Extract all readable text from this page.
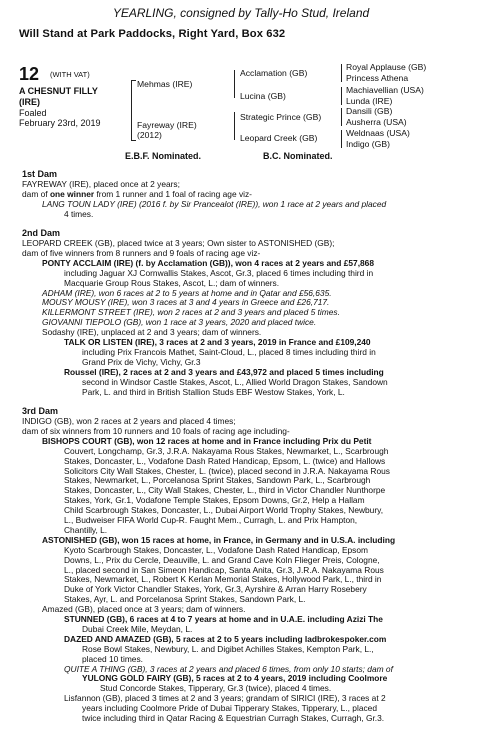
YEARLING, consigned by Tally-Ho Stud, Ireland
Will Stand at Park Paddocks, Right Yard, Box 632
12 (WITH VAT)
A CHESNUT FILLY
(IRE)
Foaled
February 23rd, 2019
Mehmas (IRE)
Fayreway (IRE)
(2012)
Acclamation (GB)
Lucina (GB)
Strategic Prince (GB)
Leopard Creek (GB)
Royal Applause (GB)
Princess Athena
Machiavellian (USA)
Lunda (IRE)
Dansili (GB)
Ausherra (USA)
Weldnaas (USA)
Indigo (GB)
E.B.F. Nominated.	B.C. Nominated.
1st Dam
FAYREWAY (IRE), placed once at 2 years;
dam of one winner from 1 runner and 1 foal of racing age viz-
LANG TOUN LADY (IRE) (2016 f. by Sir Prancealot (IRE)), won 1 race at 2 years and placed
4 times.
2nd Dam
LEOPARD CREEK (GB), placed twice at 3 years; Own sister to ASTONISHED (GB);
dam of five winners from 8 runners and 9 foals of racing age viz-
PONTY ACCLAIM (IRE) (f. by Acclamation (GB)), won 4 races at 2 years and £57,868
including Jaguar XJ Cornwallis Stakes, Ascot, Gr.3, placed 6 times including third in
Macquarie Group Rous Stakes, Ascot, L.; dam of winners.
ADHAM (IRE), won 6 races at 2 to 5 years at home and in Qatar and £56,635.
MOUSY MOUSY (IRE), won 3 races at 3 and 4 years in Greece and £26,717.
KILLERMONT STREET (IRE), won 2 races at 2 and 3 years and placed 5 times.
GIOVANNI TIEPOLO (GB), won 1 race at 3 years, 2020 and placed twice.
Sodashy (IRE), unplaced at 2 and 3 years; dam of winners.
TALK OR LISTEN (IRE), 3 races at 2 and 3 years, 2019 in France and £109,240
including Prix Francois Mathet, Saint-Cloud, L., placed 8 times including third in
Grand Prix de Vichy, Vichy, Gr.3
Roussel (IRE), 2 races at 2 and 3 years and £43,972 and placed 5 times including
second in Windsor Castle Stakes, Ascot, L., Allied World Dragon Stakes, Sandown
Park, L. and third in British Stallion Studs EBF Westow Stakes, York, L.
3rd Dam
INDIGO (GB), won 2 races at 2 years and placed 4 times;
dam of six winners from 10 runners and 10 foals of racing age including-
BISHOPS COURT (GB), won 12 races at home and in France including Prix du Petit
Couvert, Longchamp, Gr.3, J.R.A. Nakayama Rous Stakes, Newmarket, L., Scarbrough
Stakes, Doncaster, L., Vodafone Dash Rated Handicap, Epsom, L. (twice) and Hallows
Solicitors City Wall Stakes, Chester, L. (twice), placed second in J.R.A. Nakayama Rous
Stakes, Newmarket, L., Porcelanosa Sprint Stakes, Sandown Park, L., Scarbrough
Stakes, Doncaster, L., City Wall Stakes, Chester, L., third in Victor Chandler Nunthorpe
Stakes, York, Gr.1, Vodafone Temple Stakes, Epsom Downs, Gr.2, Help a Hallam
Child Scarbrough Stakes, Doncaster, L., Dubai Airport World Trophy Stakes, Newbury,
L., Budweiser FIFA World Cup-R. Faught Mem., Curragh, L. and Prix Hampton,
Chantilly, L.
ASTONISHED (GB), won 15 races at home, in France, in Germany and in U.S.A. including
Kyoto Scarbrough Stakes, Doncaster, L., Vodafone Dash Rated Handicap, Epsom
Downs, L., Prix du Cercle, Deauville, L. and Grand Cave Koln Flieger Preis, Cologne,
L., placed second in San Simeon Handicap, Santa Anita, Gr.3, J.R.A. Nakayama Rous
Stakes, Newmarket, L., Robert K Kerlan Memorial Stakes, Hollywood Park, L., third in
Duke of York Victor Chandler Stakes, York, Gr.3, Ayrshire & Arran Harry Rosebery
Stakes, Ayr, L. and Porcelanosa Sprint Stakes, Sandown Park, L.
Amazed (GB), placed once at 3 years; dam of winners.
STUNNED (GB), 6 races at 4 to 7 years at home and in U.A.E. including Azizi The
Dubai Creek Mile, Meydan, L.
DAZED AND AMAZED (GB), 5 races at 2 to 5 years including ladbrokespoker.com
Rose Bowl Stakes, Newbury, L. and Digibet Achilles Stakes, Kempton Park, L.,
placed 10 times.
QUITE A THING (GB), 3 races at 2 years and placed 6 times, from only 10 starts; dam of
YULONG GOLD FAIRY (GB), 5 races at 2 to 4 years, 2019 including Coolmore
Stud Concorde Stakes, Tipperary, Gr.3 (twice), placed 4 times.
Lisfannon (GB), placed 3 times at 2 and 3 years; grandam of SIRICI (IRE), 3 races at 2
years including Coolmore Pride of Dubai Tipperary Stakes, Tipperary, L., placed
twice including third in Qatar Racing & Equestrian Curragh Stakes, Curragh, Gr.3.
